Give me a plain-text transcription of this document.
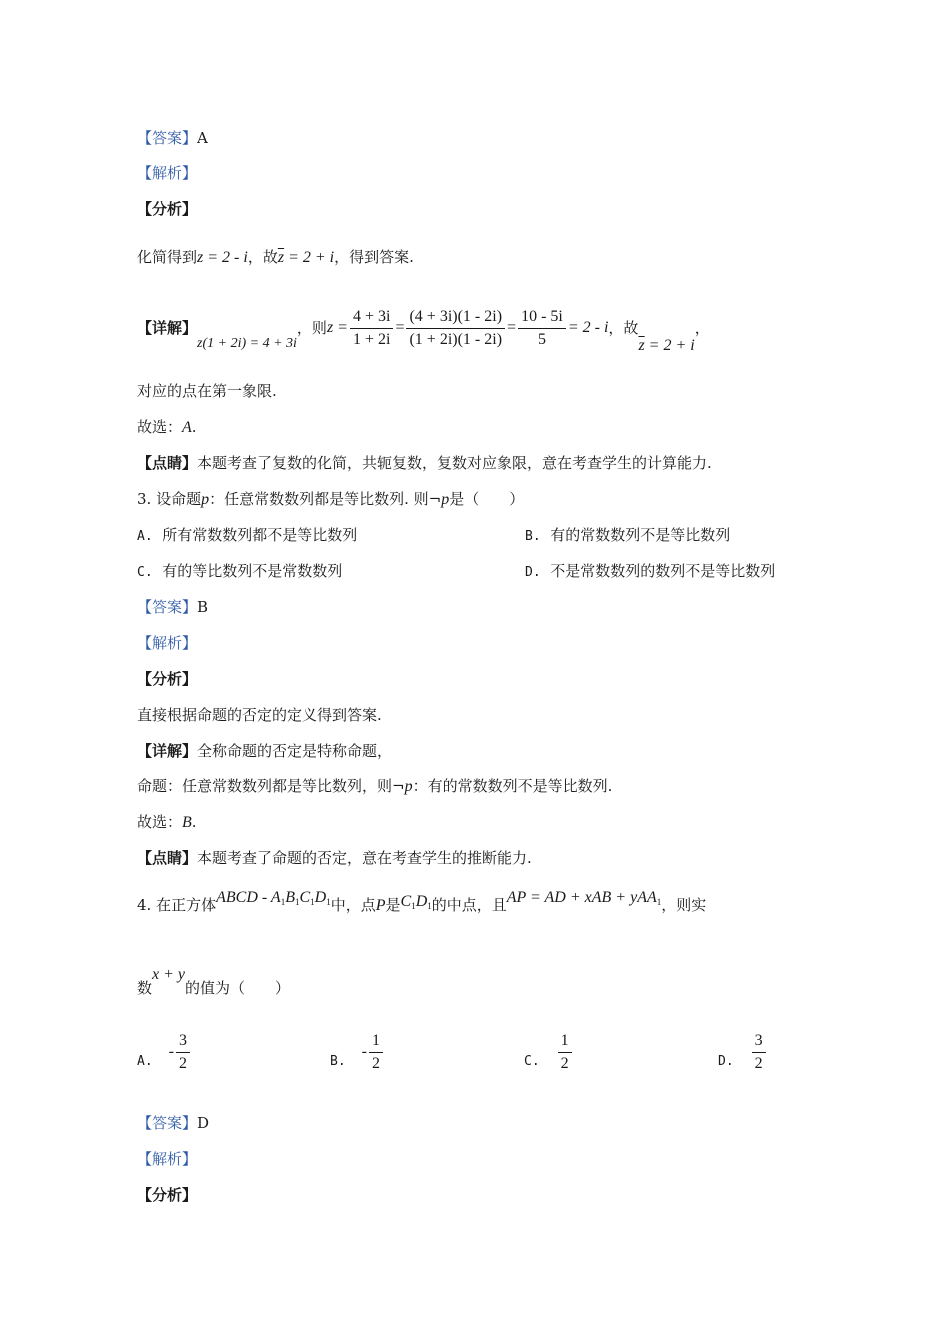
【答案】A
【解析】
【分析】
化简得到z = 2 - i，故$\overline{z} = 2 + i$，得到答案.
【详解】
z(1 + 2i) = 4 + 3i
，则 $z = \frac{4 + 3i}{1 + 2i} = \frac{(4 + 3i)(1 - 2i)}{(1 + 2i)(1 - 2i)} = \frac{10 - 5i}{5} = 2 - i$ ，故
$\overline{z} = 2 + i$
，
对应的点在第一象限.
故选：A.
【点睛】本题考查了复数的化简，共轭复数，复数对应象限，意在考查学生的计算能力.
3. 设命题p：任意常数数列都是等比数列. 则¬p是（　　）
A. 所有常数数列都不是等比数列	B. 有的常数数列不是等比数列
C. 有的等比数列不是常数数列	D. 不是常数数列的数列不是等比数列
【答案】B
【解析】
【分析】
直接根据命题的否定的定义得到答案.
【详解】全称命题的否定是特称命题，
命题：任意常数数列都是等比数列，则¬p：有的常数数列不是等比数列.
故选：B.
【点睛】本题考查了命题的否定，意在考查学生的推断能力.
4. 在正方体ABCD - $A_1B_1C_1D_1$中，点P是$C_1D_1$的中点，且AP = AD + xAB + yAA$_1$，则实
数x + y的值为（　　）
A.
- $\frac{3}{2}$	B.
- $\frac{1}{2}$	C. $\frac{1}{2}$	D. $\frac{3}{2}$
【答案】D
【解析】
【分析】
